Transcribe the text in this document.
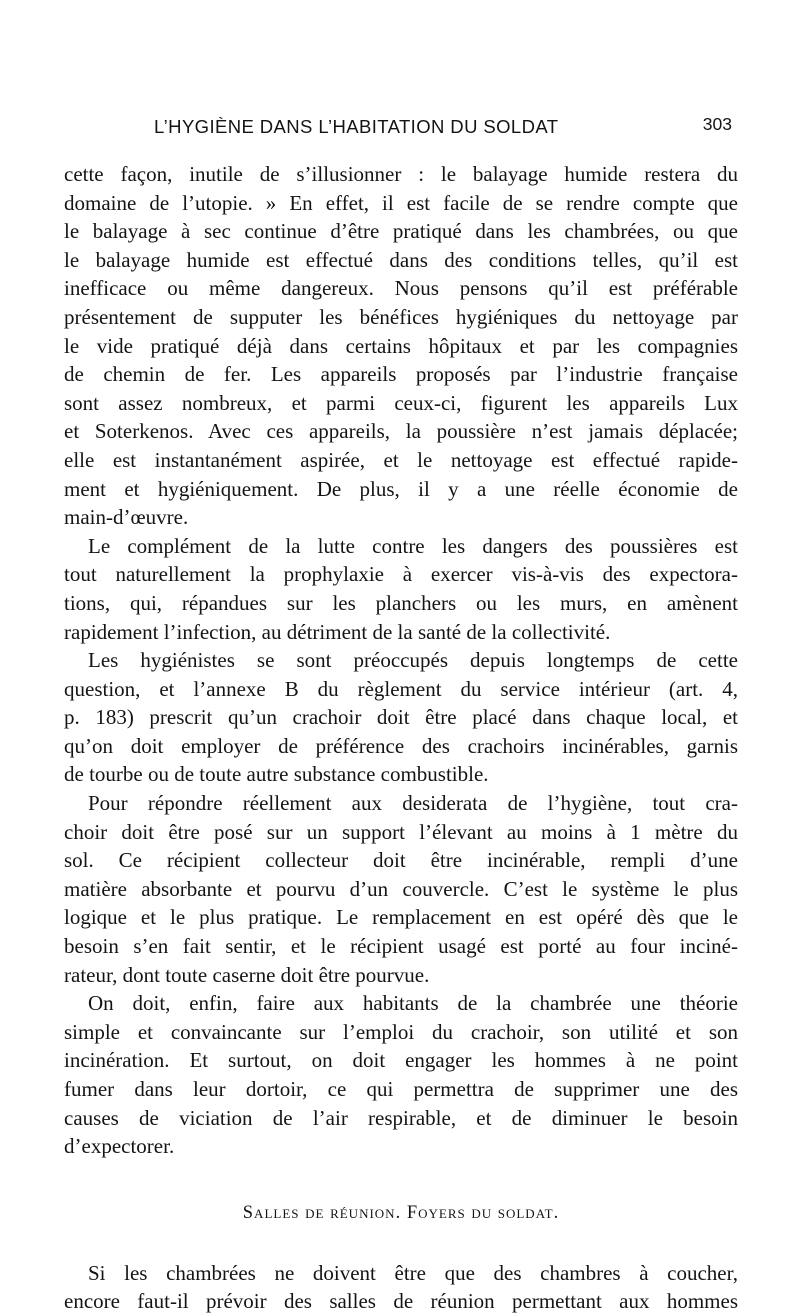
L’HYGIÈNE DANS L’HABITATION DU SOLDAT	303
cette façon, inutile de s’illusionner : le balayage humide restera du
domaine de l’utopie. » En effet, il est facile de se rendre compte que
le balayage à sec continue d’être pratiqué dans les chambrées, ou que
le balayage humide est effectué dans des conditions telles, qu’il est
inefficace ou même dangereux. Nous pensons qu’il est préférable
présentement de supputer les bénéfices hygiéniques du nettoyage par
le vide pratiqué déjà dans certains hôpitaux et par les compagnies
de chemin de fer. Les appareils proposés par l’industrie française
sont assez nombreux, et parmi ceux-ci, figurent les appareils Lux
et Soterkenos. Avec ces appareils, la poussière n’est jamais déplacée;
elle est instantanément aspirée, et le nettoyage est effectué rapide-
ment et hygiéniquement. De plus, il y a une réelle économie de
main-d’œuvre.
Le complément de la lutte contre les dangers des poussières est
tout naturellement la prophylaxie à exercer vis-à-vis des expectora-
tions, qui, répandues sur les planchers ou les murs, en amènent
rapidement l’infection, au détriment de la santé de la collectivité.
Les hygiénistes se sont préoccupés depuis longtemps de cette
question, et l’annexe B du règlement du service intérieur (art. 4,
p. 183) prescrit qu’un crachoir doit être placé dans chaque local, et
qu’on doit employer de préférence des crachoirs incinérables, garnis
de tourbe ou de toute autre substance combustible.
Pour répondre réellement aux desiderata de l’hygiène, tout cra-
choir doit être posé sur un support l’élevant au moins à 1 mètre du
sol. Ce récipient collecteur doit être incinérable, rempli d’une
matière absorbante et pourvu d’un couvercle. C’est le système le plus
logique et le plus pratique. Le remplacement en est opéré dès que le
besoin s’en fait sentir, et le récipient usagé est porté au four inciné-
rateur, dont toute caserne doit être pourvue.
On doit, enfin, faire aux habitants de la chambrée une théorie
simple et convaincante sur l’emploi du crachoir, son utilité et son
incinération. Et surtout, on doit engager les hommes à ne point
fumer dans leur dortoir, ce qui permettra de supprimer une des
causes de viciation de l’air respirable, et de diminuer le besoin
d’expectorer.
Salles de réunion. Foyers du soldat.
Si les chambrées ne doivent être que des chambres à coucher,
encore faut-il prévoir des salles de réunion permettant aux hommes
